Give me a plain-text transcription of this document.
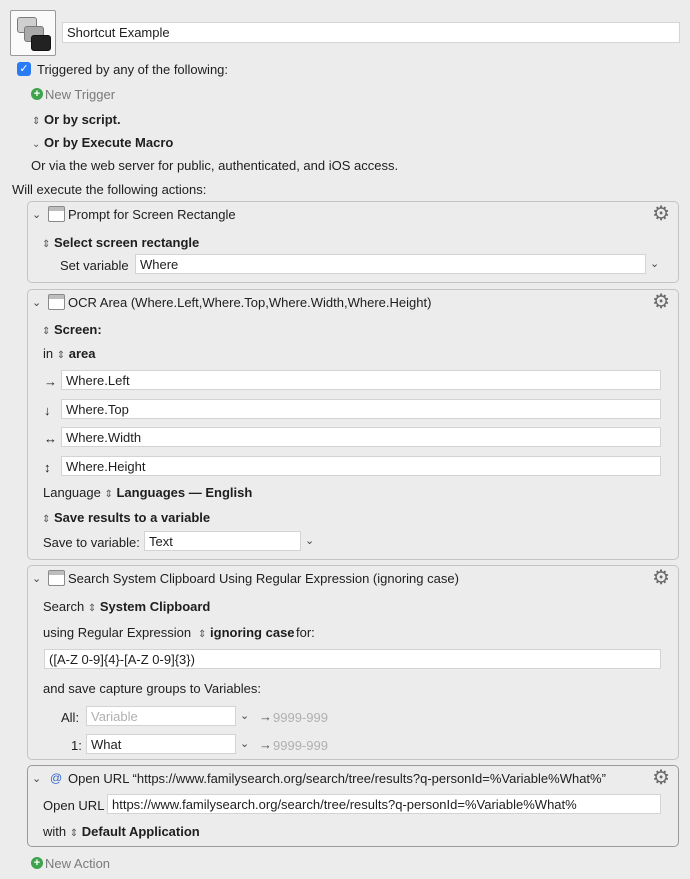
Shortcut Example
✓ Triggered by any of the following:
+ New Trigger
⇕ Or by script.
⌄ Or by Execute Macro
Or via the web server for public, authenticated, and iOS access.
Will execute the following actions:
⌄ Prompt for Screen Rectangle	⚙
⇕ Select screen rectangle
Set variable Where	⌄
⌄ OCR Area (Where.Left,Where.Top,Where.Width,Where.Height)	⚙
⇕ Screen:
in ⇕ area
→ Where.Left
↓	Where.Top
↔ Where.Width
↕	Where.Height
Language ⇕ Languages — English
⇕ Save results to a variable
Save to variable: Text	⌄
⌄ Search System Clipboard Using Regular Expression (ignoring case)	⚙
Search ⇕ System Clipboard
using Regular Expression ⇕ ignoring case for:
([A-Z 0-9]{4}-[A-Z 0-9]{3})
and save capture groups to Variables:
All: Variable	⌄ → 9999-999
1: What	⌄ → 9999-999
⌄ @ Open URL “https://www.familysearch.org/search/tree/results?q-personId=%Variable%What%” ⚙
Open URL https://www.familysearch.org/search/tree/results?q-personId=%Variable%What%
with ⇕ Default Application
+ New Action
